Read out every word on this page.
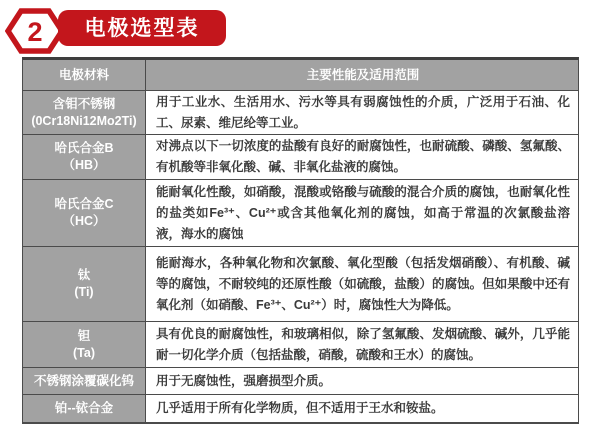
2 电极选型表
电极材料	主要性能及适用范围
含钼不锈钢
(0Cr18Ni12Mo2Ti)
用于工业水、生活用水、污水等具有弱腐蚀性的介质，广泛用于石油、化工、尿素、维尼纶等工业。
哈氏合金B
（HB）
对沸点以下一切浓度的盐酸有良好的耐腐蚀性，也耐硫酸、磷酸、氢氟酸、有机酸等非氧化酸、碱、非氧化盐液的腐蚀。
哈氏合金C
（HC）
能耐氧化性酸，如硝酸，混酸或铬酸与硫酸的混合介质的腐蚀，也耐氧化性的盐类如Fe³⁺、Cu²⁺或含其他氧化剂的腐蚀，如高于常温的次氯酸盐溶液，海水的腐蚀
钛
(Ti)
能耐海水，各种氧化物和次氯酸、氧化型酸（包括发烟硝酸）、有机酸、碱等的腐蚀，不耐较纯的还原性酸（如硫酸，盐酸）的腐蚀。但如果酸中还有氧化剂（如硝酸、Fe³⁺、Cu²⁺）时，腐蚀性大为降低。
钽
(Ta)
具有优良的耐腐蚀性，和玻璃相似，除了氢氟酸、发烟硫酸、碱外，几乎能耐一切化学介质（包括盐酸，硝酸，硫酸和王水）的腐蚀。
不锈钢涂覆碳化钨 用于无腐蚀性，强磨损型介质。
铂--铱合金	几乎适用于所有化学物质，但不适用于王水和铵盐。
